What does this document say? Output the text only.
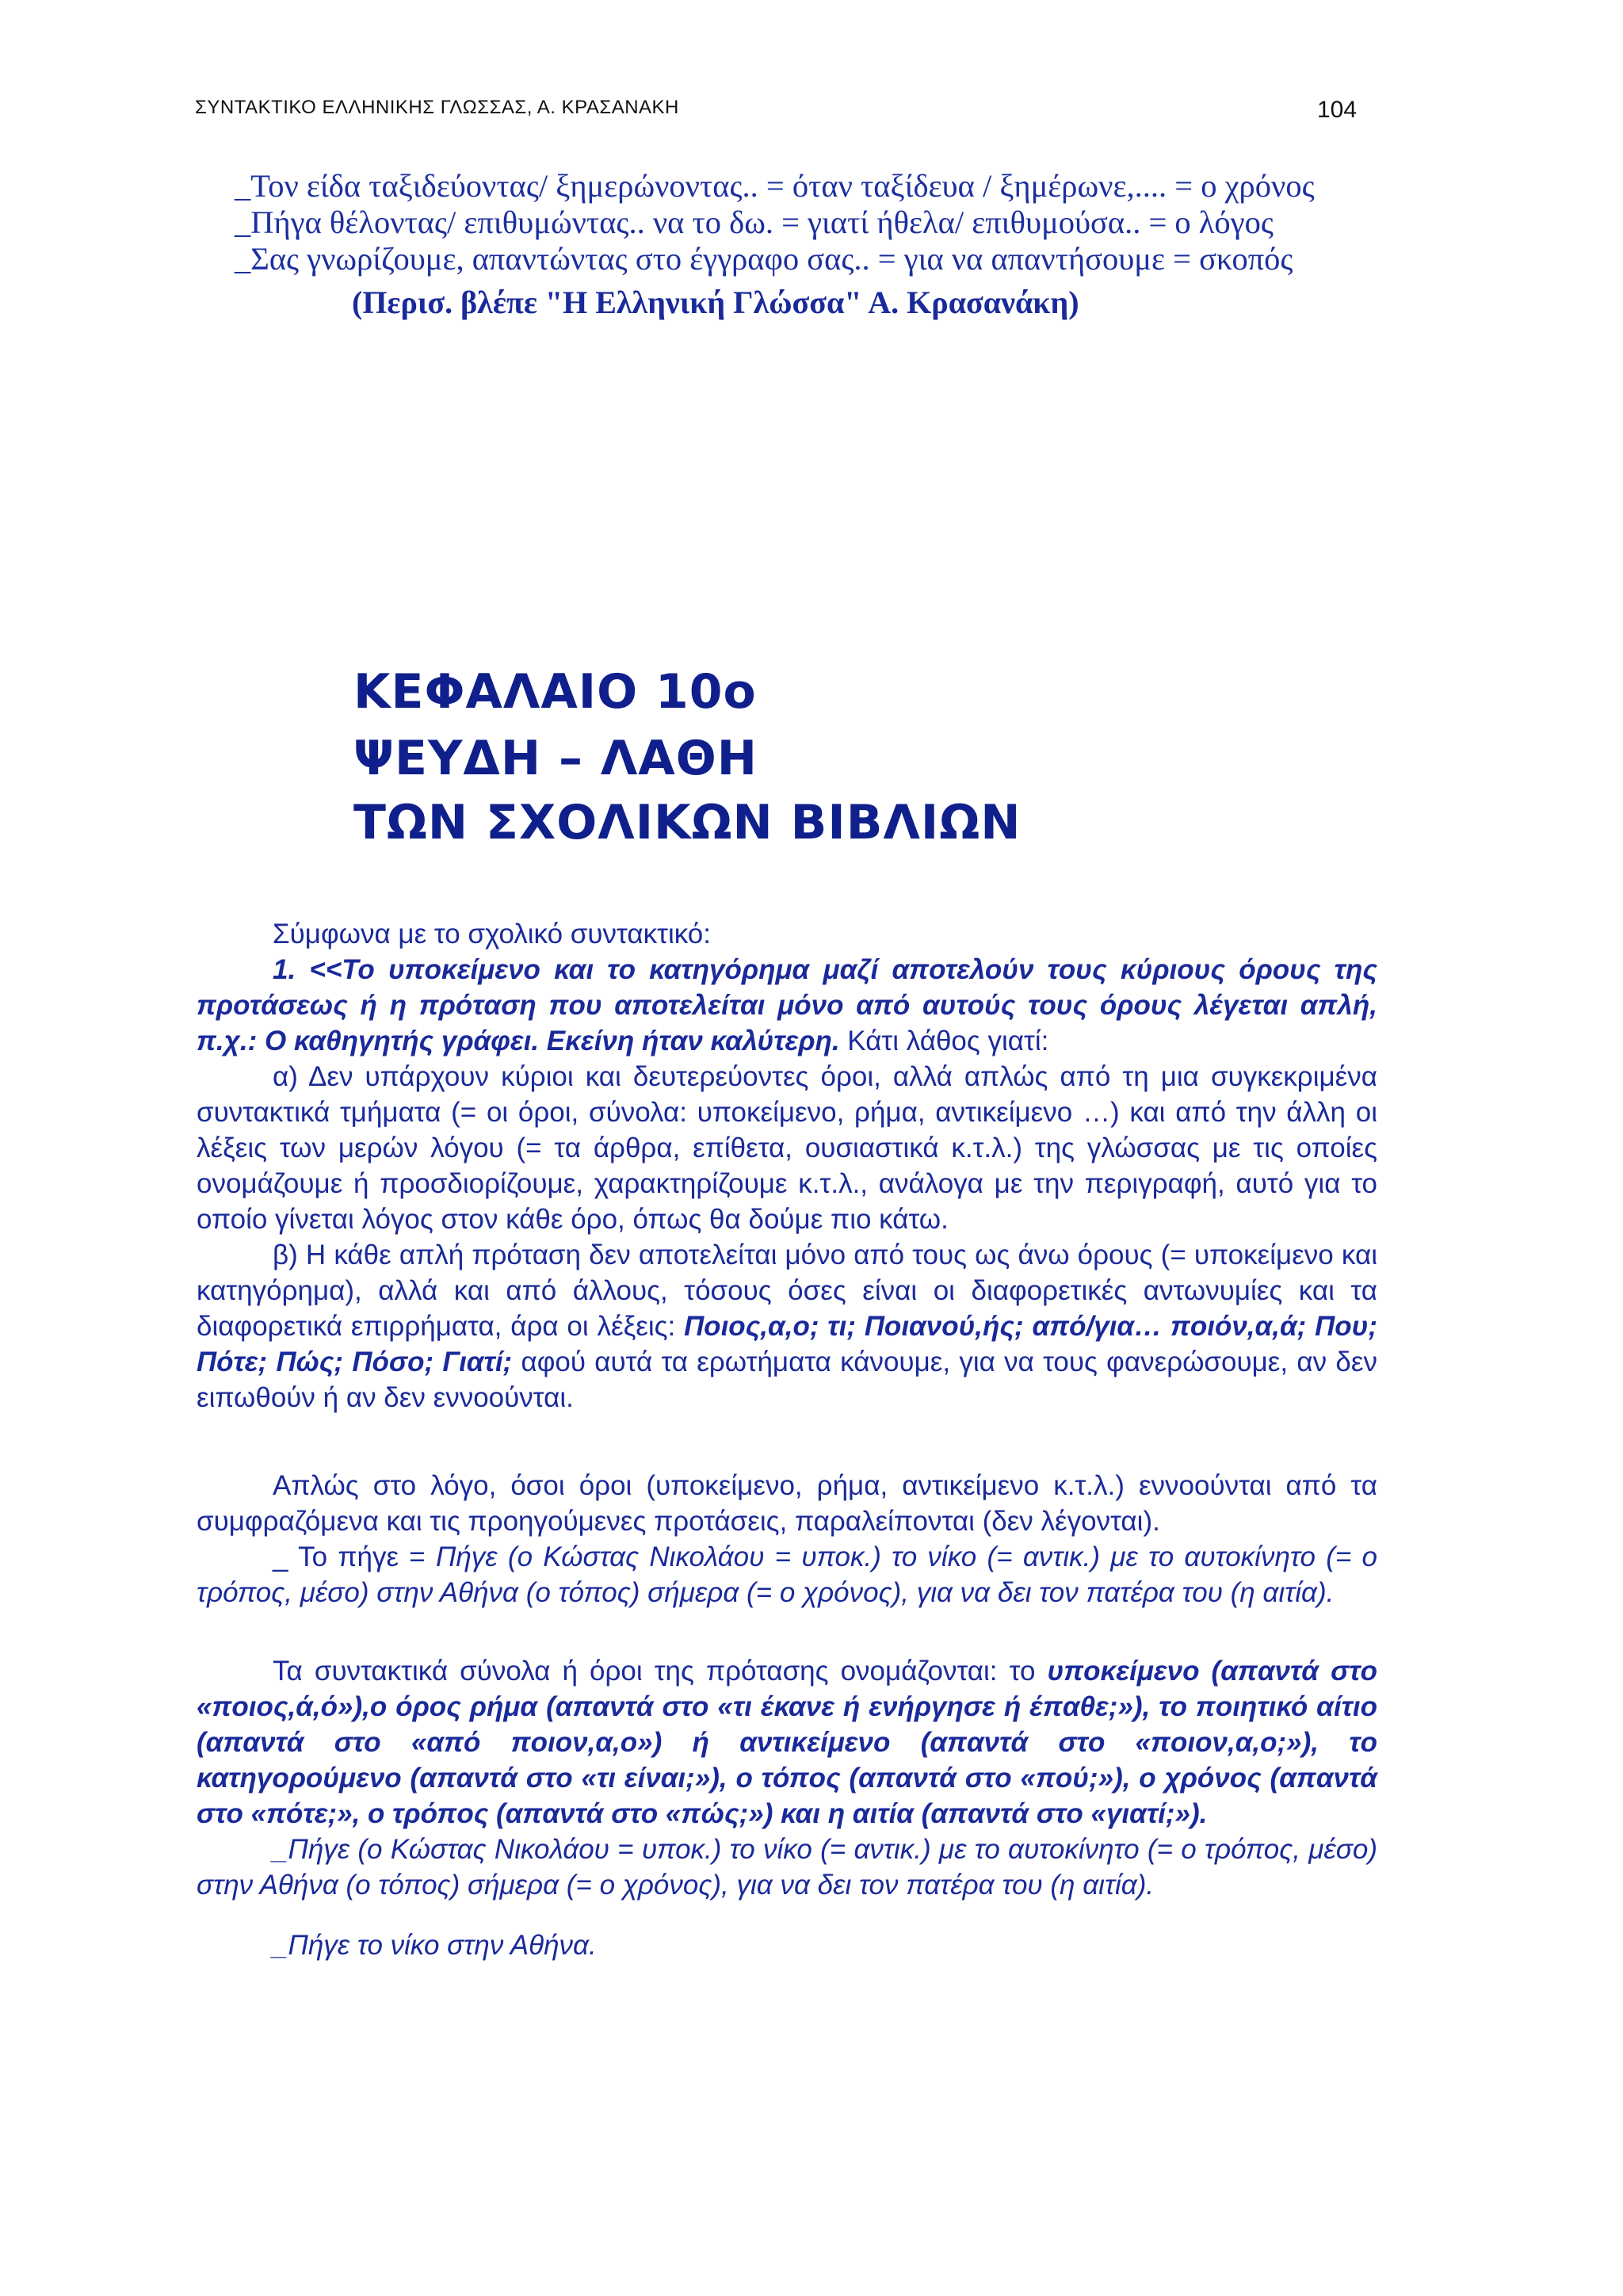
ΣΥΝΤΑΚΤΙΚΟ ΕΛΛΗΝΙΚΗΣ ΓΛΩΣΣΑΣ, Α. ΚΡΑΣΑΝΑΚΗ	104
_Τον είδα ταξιδεύοντας/ ξημερώνοντας.. = όταν ταξίδευα / ξημέρωνε,.... = ο χρόνος
_Πήγα θέλοντας/ επιθυμώντας.. να το δω. = γιατί ήθελα/ επιθυμούσα.. = ο λόγος
_Σας γνωρίζουμε, απαντώντας στο έγγραφο σας.. = για να απαντήσουμε = σκοπός
(Περισ. βλέπε "Η Ελληνική Γλώσσα" Α. Κρασανάκη)
ΚΕΦΑΛΑΙΟ 10ο
ΨΕΥΔΗ – ΛΑΘΗ
ΤΩΝ ΣΧΟΛΙΚΩΝ ΒΙΒΛΙΩΝ

Σύμφωνα με το σχολικό συντακτικό:

1. <<Το υποκείμενο και το κατηγόρημα μαζί αποτελούν τους κύριους όρους της προτάσεως ή η πρόταση που αποτελείται μόνο από αυτούς τους όρους λέγεται απλή, π.χ.: Ο καθηγητής γράφει. Εκείνη ήταν καλύτερη. Κάτι λάθος γιατί:

α) Δεν υπάρχουν κύριοι και δευτερεύοντες όροι, αλλά απλώς από τη μια συγκεκριμένα συντακτικά τμήματα (= οι όροι, σύνολα: υποκείμενο, ρήμα, αντικείμενο …) και από την άλλη οι λέξεις των μερών λόγου (= τα άρθρα, επίθετα, ουσιαστικά κ.τ.λ.) της γλώσσας με τις οποίες ονομάζουμε ή προσδιορίζουμε, χαρακτηρίζουμε κ.τ.λ., ανάλογα με την περιγραφή, αυτό για το οποίο γίνεται λόγος στον κάθε όρο, όπως θα δούμε πιο κάτω.

β) Η κάθε απλή πρόταση δεν αποτελείται μόνο από τους ως άνω όρους (= υποκείμενο και κατηγόρημα), αλλά και από άλλους, τόσους όσες είναι οι διαφορετικές αντωνυμίες και τα διαφορετικά επιρρήματα, άρα οι λέξεις: Ποιος,α,ο; τι; Ποιανού,ής; από/για… ποιόν,α,ά; Που; Πότε; Πώς; Πόσο; Γιατί; αφού αυτά τα ερωτήματα κάνουμε, για να τους φανερώσουμε, αν δεν ειπωθούν ή αν δεν εννοούνται.

Απλώς στο λόγο, όσοι όροι (υποκείμενο, ρήμα, αντικείμενο κ.τ.λ.) εννοούνται από τα συμφραζόμενα και τις προηγούμενες προτάσεις, παραλείπονται (δεν λέγονται).

_ Το πήγε = Πήγε (ο Κώστας Νικολάου = υποκ.) το νίκο (= αντικ.) με το αυτοκίνητο (= ο τρόπος, μέσο) στην Αθήνα (ο τόπος) σήμερα (= ο χρόνος), για να δει τον πατέρα του (η αιτία).

Τα συντακτικά σύνολα ή όροι της πρότασης ονομάζονται: το υποκείμενο (απαντά στο «ποιος,ά,ό»),ο όρος ρήμα (απαντά στο «τι έκανε ή ενήργησε ή έπαθε;»), το ποιητικό αίτιο (απαντά στο «από ποιον,α,ο») ή αντικείμενο (απαντά στο «ποιον,α,ο;»), το κατηγορούμενο (απαντά στο «τι είναι;»), ο τόπος (απαντά στο «πού;»), ο χρόνος (απαντά στο «πότε;», ο τρόπος (απαντά στο «πώς;») και η αιτία (απαντά στο «γιατί;»).

_Πήγε (ο Κώστας Νικολάου = υποκ.) το νίκο (= αντικ.) με το αυτοκίνητο (= ο τρόπος, μέσο) στην Αθήνα (ο τόπος) σήμερα (= ο χρόνος), για να δει τον πατέρα του (η αιτία).

_Πήγε το νίκο στην Αθήνα.
